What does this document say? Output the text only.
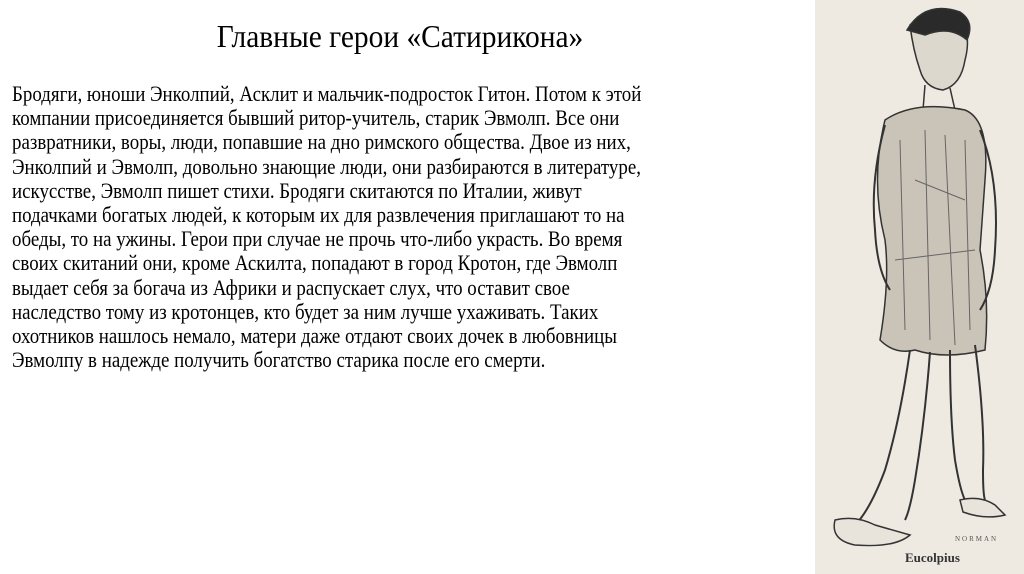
Главные герои «Сатирикона»
Бродяги, юноши Энколпий, Асклит и мальчик-подросток Гитон. Потом к этой
компании присоединяется бывший ритор-учитель, старик Эвмолп. Все они
развратники, воры, люди, попавшие на дно римского общества. Двое из них,
Энколпий и Эвмолп, довольно знающие люди, они разбираются в литературе,
искусстве, Эвмолп пишет стихи. Бродяги скитаются по Италии, живут
подачками богатых людей, к которым их для развлечения приглашают то на
обеды, то на ужины. Герои при случае не прочь что-либо украсть. Во время
своих скитаний они, кроме Аскилта, попадают в город Кротон, где Эвмолп
выдает себя за богача из Африки и распускает слух, что оставит свое
наследство тому из кротонцев, кто будет за ним лучше ухаживать. Таких
охотников нашлось немало, матери даже отдают своих дочек в любовницы
Эвмолпу в надежде получить богатство старика после его смерти.
NORMAN
Eucolpius
